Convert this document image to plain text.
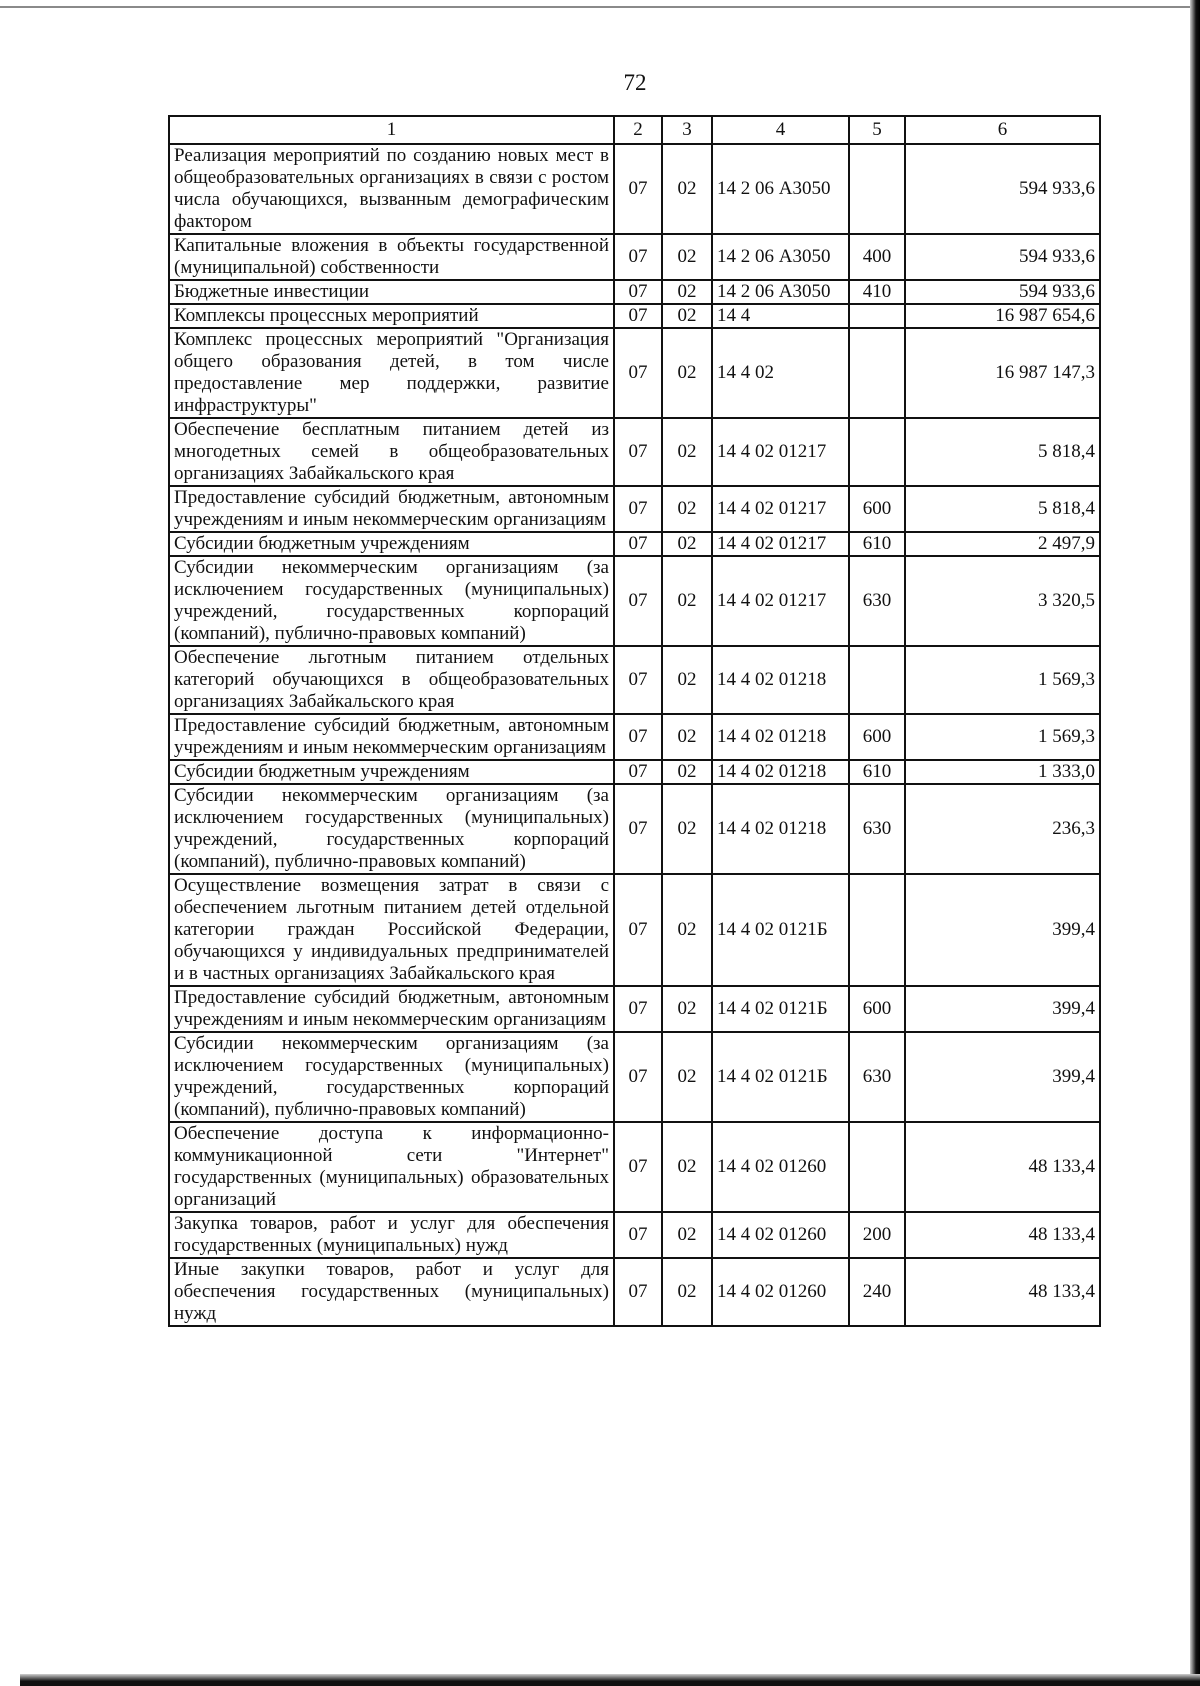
72
1	2	3	4	5	6
Реализация мероприятий по созданию новых мест в общеобразовательных организациях в связи с ростом числа обучающихся, вызванным демографическим фактором	07	02	14 2 06 А3050		594 933,6
Капитальные вложения в объекты государственной (муниципальной) собственности	07	02	14 2 06 А3050	400	594 933,6
Бюджетные инвестиции	07	02	14 2 06 А3050	410	594 933,6
Комплексы процессных мероприятий	07	02	14 4		16 987 654,6
Комплекс процессных мероприятий "Организация общего образования детей, в том числе предоставление мер поддержки, развитие инфраструктуры"	07	02	14 4 02		16 987 147,3
Обеспечение бесплатным питанием детей из многодетных семей в общеобразовательных организациях Забайкальского края	07	02	14 4 02 01217		5 818,4
Предоставление субсидий бюджетным, автономным учреждениям и иным некоммерческим организациям	07	02	14 4 02 01217	600	5 818,4
Субсидии бюджетным учреждениям	07	02	14 4 02 01217	610	2 497,9
Субсидии некоммерческим организациям (за исключением государственных (муниципальных) учреждений, государственных корпораций (компаний), публично-правовых компаний)	07	02	14 4 02 01217	630	3 320,5
Обеспечение льготным питанием отдельных категорий обучающихся в общеобразовательных организациях Забайкальского края	07	02	14 4 02 01218		1 569,3
Предоставление субсидий бюджетным, автономным учреждениям и иным некоммерческим организациям	07	02	14 4 02 01218	600	1 569,3
Субсидии бюджетным учреждениям	07	02	14 4 02 01218	610	1 333,0
Субсидии некоммерческим организациям (за исключением государственных (муниципальных) учреждений, государственных корпораций (компаний), публично-правовых компаний)	07	02	14 4 02 01218	630	236,3
Осуществление возмещения затрат в связи с обеспечением льготным питанием детей отдельной категории граждан Российской Федерации, обучающихся у индивидуальных предпринимателей и в частных организациях Забайкальского края	07	02	14 4 02 0121Б		399,4
Предоставление субсидий бюджетным, автономным учреждениям и иным некоммерческим организациям	07	02	14 4 02 0121Б	600	399,4
Субсидии некоммерческим организациям (за исключением государственных (муниципальных) учреждений, государственных корпораций (компаний), публично-правовых компаний)	07	02	14 4 02 0121Б	630	399,4
Обеспечение доступа к информационно-коммуникационной сети "Интернет" государственных (муниципальных) образовательных организаций	07	02	14 4 02 01260		48 133,4
Закупка товаров, работ и услуг для обеспечения государственных (муниципальных) нужд	07	02	14 4 02 01260	200	48 133,4
Иные закупки товаров, работ и услуг для обеспечения государственных (муниципальных) нужд	07	02	14 4 02 01260	240	48 133,4
